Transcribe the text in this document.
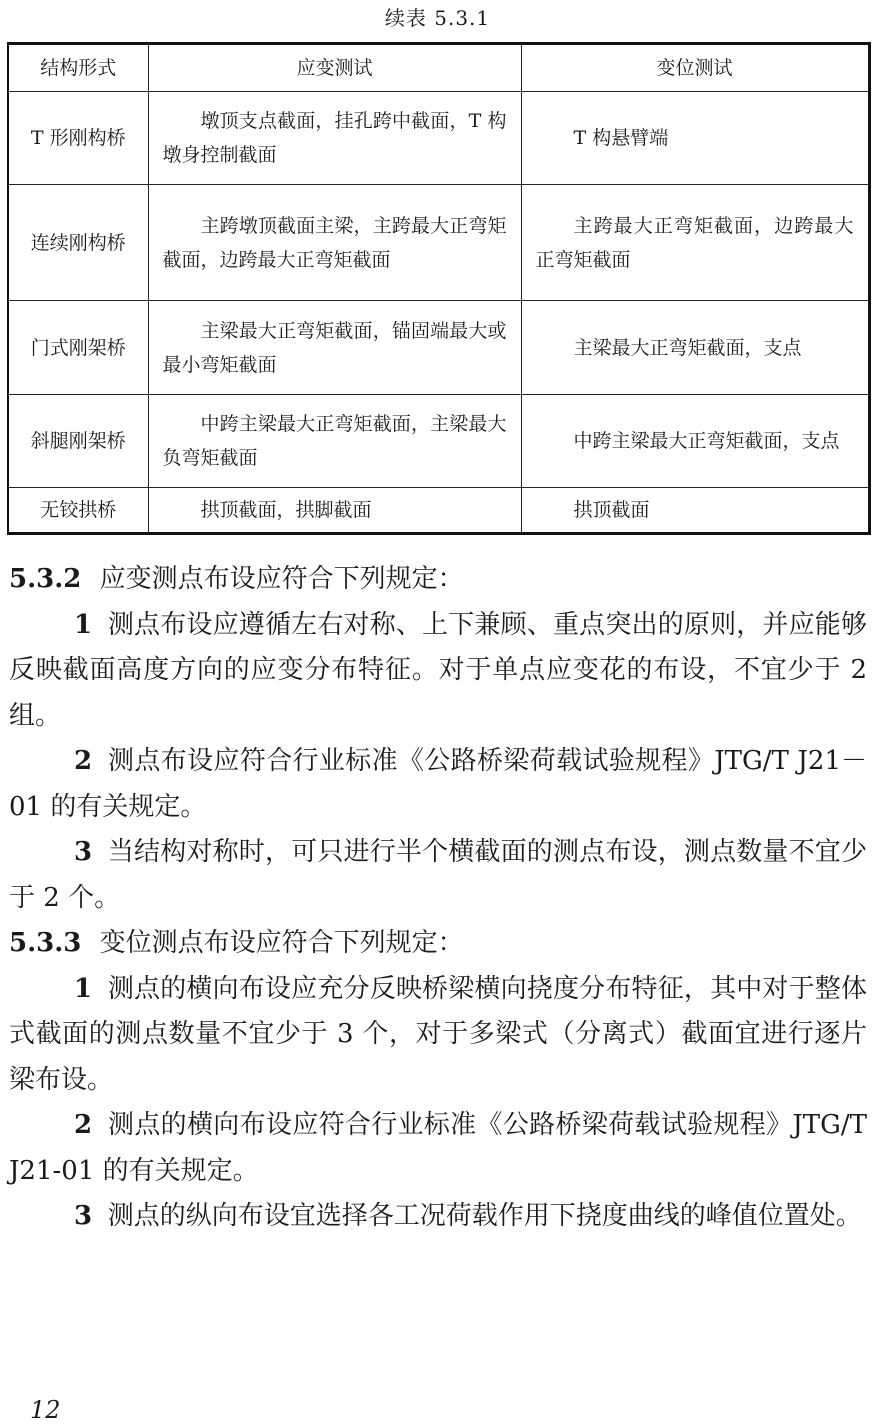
续表 5.3.1
结构形式	应变测试	变位测试
T 形刚构桥	墩顶支点截面，挂孔跨中截面，T 构墩身控制截面	T 构悬臂端
连续刚构桥	主跨墩顶截面主梁，主跨最大正弯矩截面，边跨最大正弯矩截面	主跨最大正弯矩截面，边跨最大正弯矩截面
门式刚架桥	主梁最大正弯矩截面，锚固端最大或最小弯矩截面	主梁最大正弯矩截面，支点
斜腿刚架桥	中跨主梁最大正弯矩截面，主梁最大负弯矩截面	中跨主梁最大正弯矩截面，支点
无铰拱桥	拱顶截面，拱脚截面	拱顶截面

5.3.2 应变测点布设应符合下列规定：

1 测点布设应遵循左右对称、上下兼顾、重点突出的原则，并应能够反映截面高度方向的应变分布特征。对于单点应变花的布设，不宜少于 2 组。

2 测点布设应符合行业标准《公路桥梁荷载试验规程》JTG/T J21－01 的有关规定。

3 当结构对称时，可只进行半个横截面的测点布设，测点数量不宜少于 2 个。

5.3.3 变位测点布设应符合下列规定：

1 测点的横向布设应充分反映桥梁横向挠度分布特征，其中对于整体式截面的测点数量不宜少于 3 个，对于多梁式（分离式）截面宜进行逐片梁布设。

2 测点的横向布设应符合行业标准《公路桥梁荷载试验规程》JTG/T J21-01 的有关规定。

3 测点的纵向布设宜选择各工况荷载作用下挠度曲线的峰值位置处。

12
